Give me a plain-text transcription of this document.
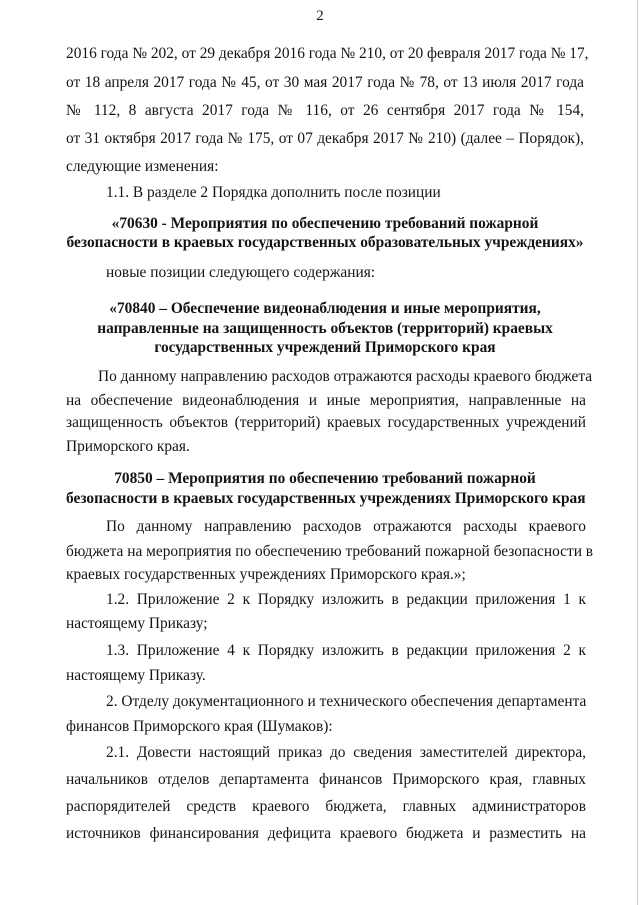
2
2016 года № 202, от 29 декабря 2016 года № 210, от 20 февраля 2017 года № 17,
от 18 апреля 2017 года № 45, от 30 мая 2017 года № 78, от 13 июля 2017 года
№ 112, 8 августа 2017 года № 116, от 26 сентября 2017 года № 154,
от 31 октября 2017 года № 175, от 07 декабря 2017 № 210) (далее – Порядок),
следующие изменения:
1.1. В разделе 2 Порядка дополнить после позиции
«70630 - Мероприятия по обеспечению требований пожарной
безопасности в краевых государственных образовательных учреждениях»
новые позиции следующего содержания:
«70840 – Обеспечение видеонаблюдения и иные мероприятия,
направленные на защищенность объектов (территорий) краевых
государственных учреждений Приморского края
По данному направлению расходов отражаются расходы краевого бюджета
на обеспечение видеонаблюдения и иные мероприятия, направленные на
защищенность объектов (территорий) краевых государственных учреждений
Приморского края.
70850 – Мероприятия по обеспечению требований пожарной
безопасности в краевых государственных учреждениях Приморского края
По данному направлению расходов отражаются расходы краевого
бюджета на мероприятия по обеспечению требований пожарной безопасности в
краевых государственных учреждениях Приморского края.»;
1.2. Приложение 2 к Порядку изложить в редакции приложения 1 к
настоящему Приказу;
1.3. Приложение 4 к Порядку изложить в редакции приложения 2 к
настоящему Приказу.
2. Отделу документационного и технического обеспечения департамента
финансов Приморского края (Шумаков):
2.1. Довести настоящий приказ до сведения заместителей директора,
начальников отделов департамента финансов Приморского края, главных
распорядителей средств краевого бюджета, главных администраторов
источников финансирования дефицита краевого бюджета и разместить на
